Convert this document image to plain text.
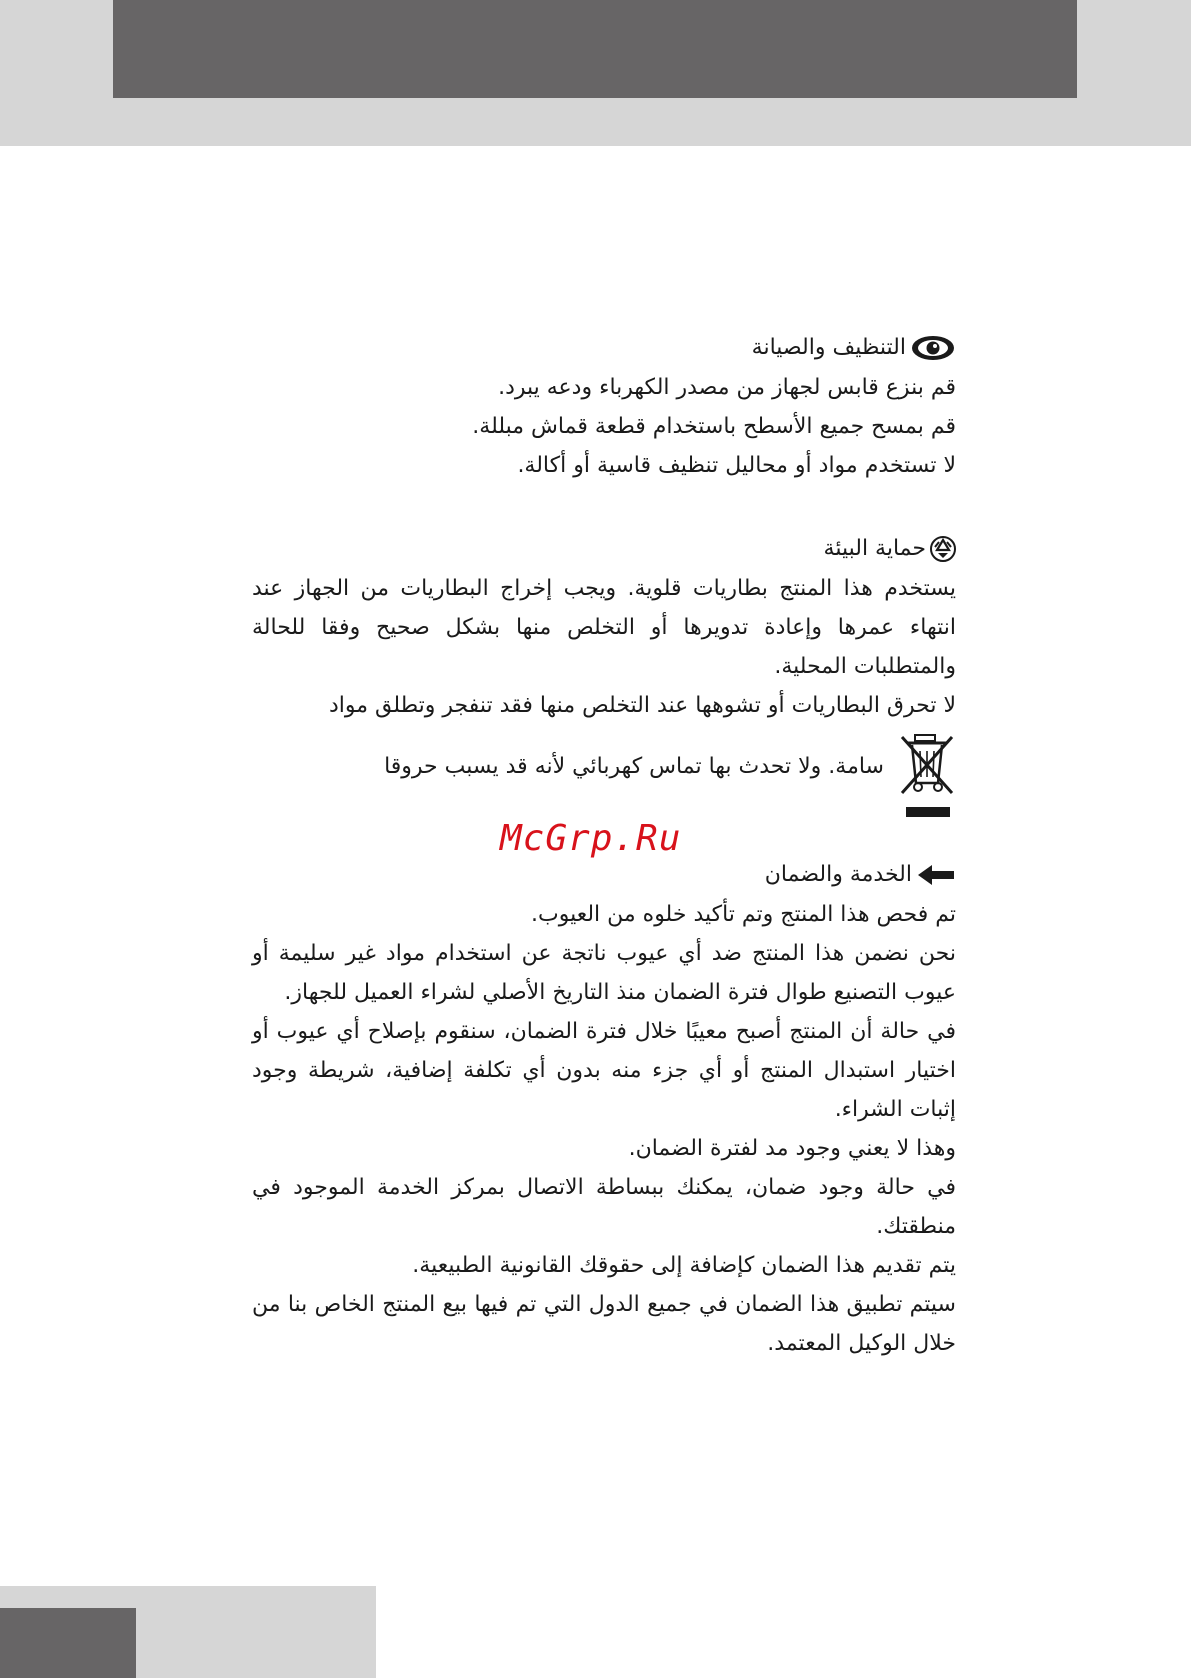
التنظيف والصيانة

قم بنزع قابس لجهاز من مصدر الكهرباء ودعه يبرد.

قم بمسح جميع الأسطح باستخدام قطعة قماش مبللة.

لا تستخدم مواد أو محاليل تنظيف قاسية أو أكالة.

حماية البيئة

يستخدم هذا المنتج بطاريات قلوية. ويجب إخراج البطاريات من الجهاز عند انتهاء عمرها وإعادة تدويرها أو التخلص منها بشكل صحيح وفقا للحالة والمتطلبات المحلية.

لا تحرق البطاريات أو تشوهها عند التخلص منها فقد تنفجر وتطلق مواد

سامة. ولا تحدث بها تماس كهربائي لأنه قد يسبب حروقا

الخدمة والضمان

تم فحص هذا المنتج وتم تأكيد خلوه من العيوب.

نحن نضمن هذا المنتج ضد أي عيوب ناتجة عن استخدام مواد غير سليمة أو عيوب التصنيع طوال فترة الضمان منذ التاريخ الأصلي لشراء العميل للجهاز.

في حالة أن المنتج أصبح معيبًا خلال فترة الضمان، سنقوم بإصلاح أي عيوب أو اختيار استبدال المنتج أو أي جزء منه بدون أي تكلفة إضافية، شريطة وجود إثبات الشراء.

وهذا لا يعني وجود مد لفترة الضمان.

في حالة وجود ضمان، يمكنك ببساطة الاتصال بمركز الخدمة الموجود في منطقتك.

يتم تقديم هذا الضمان كإضافة إلى حقوقك القانونية الطبيعية.

سيتم تطبيق هذا الضمان في جميع الدول التي تم فيها بيع المنتج الخاص بنا من خلال الوكيل المعتمد.

McGrp.Ru
